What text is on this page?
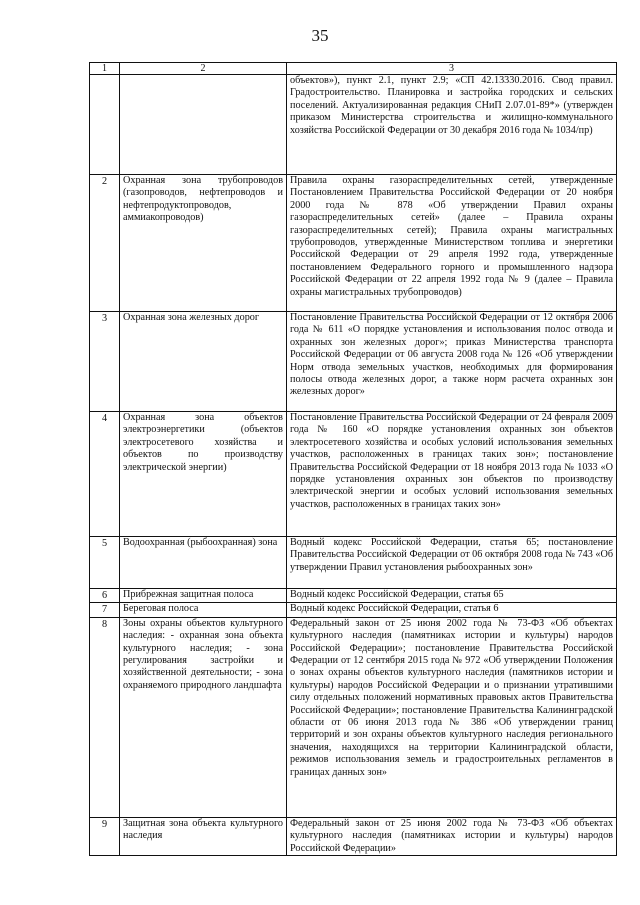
35
1	2	3
		объектов»), пункт 2.1, пункт 2.9; «СП 42.13330.2016. Свод правил. Градостроительство. Планировка и застройка городских и сельских поселений. Актуализированная редакция СНиП 2.07.01-89*» (утвержден приказом Министерства строительства и жилищно-коммунального хозяйства Российской Федерации от 30 декабря 2016 года № 1034/пр)
2	Охранная зона трубопроводов (газопроводов, нефтепроводов и нефтепродуктопроводов, аммиакопроводов)	Правила охраны газораспределительных сетей, утвержденные Постановлением Правительства Российской Федерации от 20 ноября 2000 года № 878 «Об утверждении Правил охраны газораспределительных сетей» (далее – Правила охраны газораспределительных сетей); Правила охраны магистральных трубопроводов, утвержденные Министерством топлива и энергетики Российской Федерации от 29 апреля 1992 года, утвержденные постановлением Федерального горного и промышленного надзора Российской Федерации от 22 апреля 1992 года № 9 (далее – Правила охраны магистральных трубопроводов)
3	Охранная зона железных дорог	Постановление Правительства Российской Федерации от 12 октября 2006 года № 611 «О порядке установления и использования полос отвода и охранных зон железных дорог»; приказ Министерства транспорта Российской Федерации от 06 августа 2008 года № 126 «Об утверждении Норм отвода земельных участков, необходимых для формирования полосы отвода железных дорог, а также норм расчета охранных зон железных дорог»
4	Охранная зона объектов электроэнергетики (объектов электросетевого хозяйства и объектов по производству электрической энергии)	Постановление Правительства Российской Федерации от 24 февраля 2009 года № 160 «О порядке установления охранных зон объектов электросетевого хозяйства и особых условий использования земельных участков, расположенных в границах таких зон»; постановление Правительства Российской Федерации от 18 ноября 2013 года № 1033 «О порядке установления охранных зон объектов по производству электрической энергии и особых условий использования земельных участков, расположенных в границах таких зон»
5	Водоохранная (рыбоохранная) зона	Водный кодекс Российской Федерации, статья 65; постановление Правительства Российской Федерации от 06 октября 2008 года № 743 «Об утверждении Правил установления рыбоохранных зон»
6	Прибрежная защитная полоса	Водный кодекс Российской Федерации, статья 65
7	Береговая полоса	Водный кодекс Российской Федерации, статья 6
8	Зоны охраны объектов культурного наследия: - охранная зона объекта культурного наследия; - зона регулирования застройки и хозяйственной деятельности; - зона охраняемого природного ландшафта	Федеральный закон от 25 июня 2002 года № 73-ФЗ «Об объектах культурного наследия (памятниках истории и культуры) народов Российской Федерации»; постановление Правительства Российской Федерации от 12 сентября 2015 года № 972 «Об утверждении Положения о зонах охраны объектов культурного наследия (памятников истории и культуры) народов Российской Федерации и о признании утратившими силу отдельных положений нормативных правовых актов Правительства Российской Федерации»; постановление Правительства Калининградской области от 06 июня 2013 года № 386 «Об утверждении границ территорий и зон охраны объектов культурного наследия регионального значения, находящихся на территории Калининградской области, режимов использования земель и градостроительных регламентов в границах данных зон»
9	Защитная зона объекта культурного наследия	Федеральный закон от 25 июня 2002 года № 73-ФЗ «Об объектах культурного наследия (памятниках истории и культуры) народов Российской Федерации»
